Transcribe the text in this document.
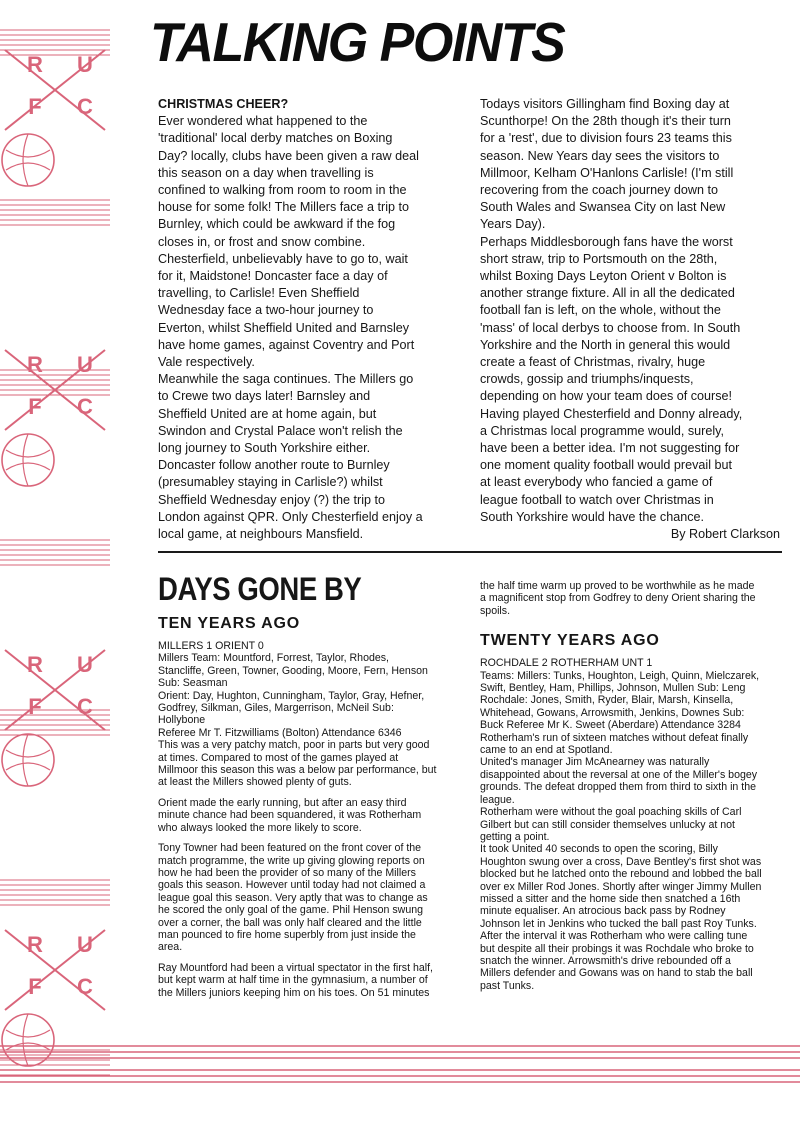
R U
F C
R U
F C
R U
F C
R U
F C
TALKING POINTS
CHRISTMAS CHEER?
Ever wondered what happened to the
'traditional' local derby matches on Boxing
Day? locally, clubs have been given a raw deal
this season on a day when travelling is
confined to walking from room to room in the
house for some folk! The Millers face a trip to
Burnley, which could be awkward if the fog
closes in, or frost and snow combine.
Chesterfield, unbelievably have to go to, wait
for it, Maidstone! Doncaster face a day of
travelling, to Carlisle! Even Sheffield
Wednesday face a two-hour journey to
Everton, whilst Sheffield United and Barnsley
have home games, against Coventry and Port
Vale respectively.
Meanwhile the saga continues. The Millers go
to Crewe two days later! Barnsley and
Sheffield United are at home again, but
Swindon and Crystal Palace won't relish the
long journey to South Yorkshire either.
Doncaster follow another route to Burnley
(presumabley staying in Carlisle?) whilst
Sheffield Wednesday enjoy (?) the trip to
London against QPR. Only Chesterfield enjoy a
local game, at neighbours Mansfield.
Todays visitors Gillingham find Boxing day at
Scunthorpe! On the 28th though it's their turn
for a 'rest', due to division fours 23 teams this
season. New Years day sees the visitors to
Millmoor, Kelham O'Hanlons Carlisle! (I'm still
recovering from the coach journey down to
South Wales and Swansea City on last New
Years Day).
Perhaps Middlesborough fans have the worst
short straw, trip to Portsmouth on the 28th,
whilst Boxing Days Leyton Orient v Bolton is
another strange fixture. All in all the dedicated
football fan is left, on the whole, without the
'mass' of local derbys to choose from. In South
Yorkshire and the North in general this would
create a feast of Christmas, rivalry, huge
crowds, gossip and triumphs/inquests,
depending on how your team does of course!
Having played Chesterfield and Donny already,
a Christmas local programme would, surely,
have been a better idea. I'm not suggesting for
one moment quality football would prevail but
at least everybody who fancied a game of
league football to watch over Christmas in
South Yorkshire would have the chance.
By Robert Clarkson
DAYS GONE BY
TEN YEARS AGO

MILLERS 1 ORIENT 0
Millers Team: Mountford, Forrest, Taylor, Rhodes,
Stancliffe, Green, Towner, Gooding, Moore, Fern, Henson
Sub: Seasman
Orient: Day, Hughton, Cunningham, Taylor, Gray, Hefner,
Godfrey, Silkman, Giles, Margerrison, McNeil Sub:
Hollybone
Referee Mr T. Fitzwilliams (Bolton) Attendance 6346
This was a very patchy match, poor in parts but very good
at times. Compared to most of the games played at
Millmoor this season this was a below par performance, but
at least the Millers showed plenty of guts.

Orient made the early running, but after an easy third
minute chance had been squandered, it was Rotherham
who always looked the more likely to score.

Tony Towner had been featured on the front cover of the
match programme, the write up giving glowing reports on
how he had been the provider of so many of the Millers
goals this season. However until today had not claimed a
league goal this season. Very aptly that was to change as
he scored the only goal of the game. Phil Henson swung
over a corner, the ball was only half cleared and the little
man pounced to fire home superbly from just inside the
area.

Ray Mountford had been a virtual spectator in the first half,
but kept warm at half time in the gymnasium, a number of
the Millers juniors keeping him on his toes. On 51 minutes

the half time warm up proved to be worthwhile as he made
a magnificent stop from Godfrey to deny Orient sharing the
spoils.

TWENTY YEARS AGO

ROCHDALE 2 ROTHERHAM UNT 1
Teams: Millers: Tunks, Houghton, Leigh, Quinn, Mielczarek,
Swift, Bentley, Ham, Phillips, Johnson, Mullen Sub: Leng
Rochdale: Jones, Smith, Ryder, Blair, Marsh, Kinsella,
Whitehead, Gowans, Arrowsmith, Jenkins, Downes Sub:
Buck Referee Mr K. Sweet (Aberdare) Attendance 3284
Rotherham's run of sixteen matches without defeat finally
came to an end at Spotland.
United's manager Jim McAnearney was naturally
disappointed about the reversal at one of the Miller's bogey
grounds. The defeat dropped them from third to sixth in the
league.
Rotherham were without the goal poaching skills of Carl
Gilbert but can still consider themselves unlucky at not
getting a point.
It took United 40 seconds to open the scoring, Billy
Houghton swung over a cross, Dave Bentley's first shot was
blocked but he latched onto the rebound and lobbed the ball
over ex Miller Rod Jones. Shortly after winger Jimmy Mullen
missed a sitter and the home side then snatched a 16th
minute equaliser. An atrocious back pass by Rodney
Johnson let in Jenkins who tucked the ball past Roy Tunks.
After the interval it was Rotherham who were calling tune
but despite all their probings it was Rochdale who broke to
snatch the winner. Arrowsmith's drive rebounded off a
Millers defender and Gowans was on hand to stab the ball
past Tunks.
